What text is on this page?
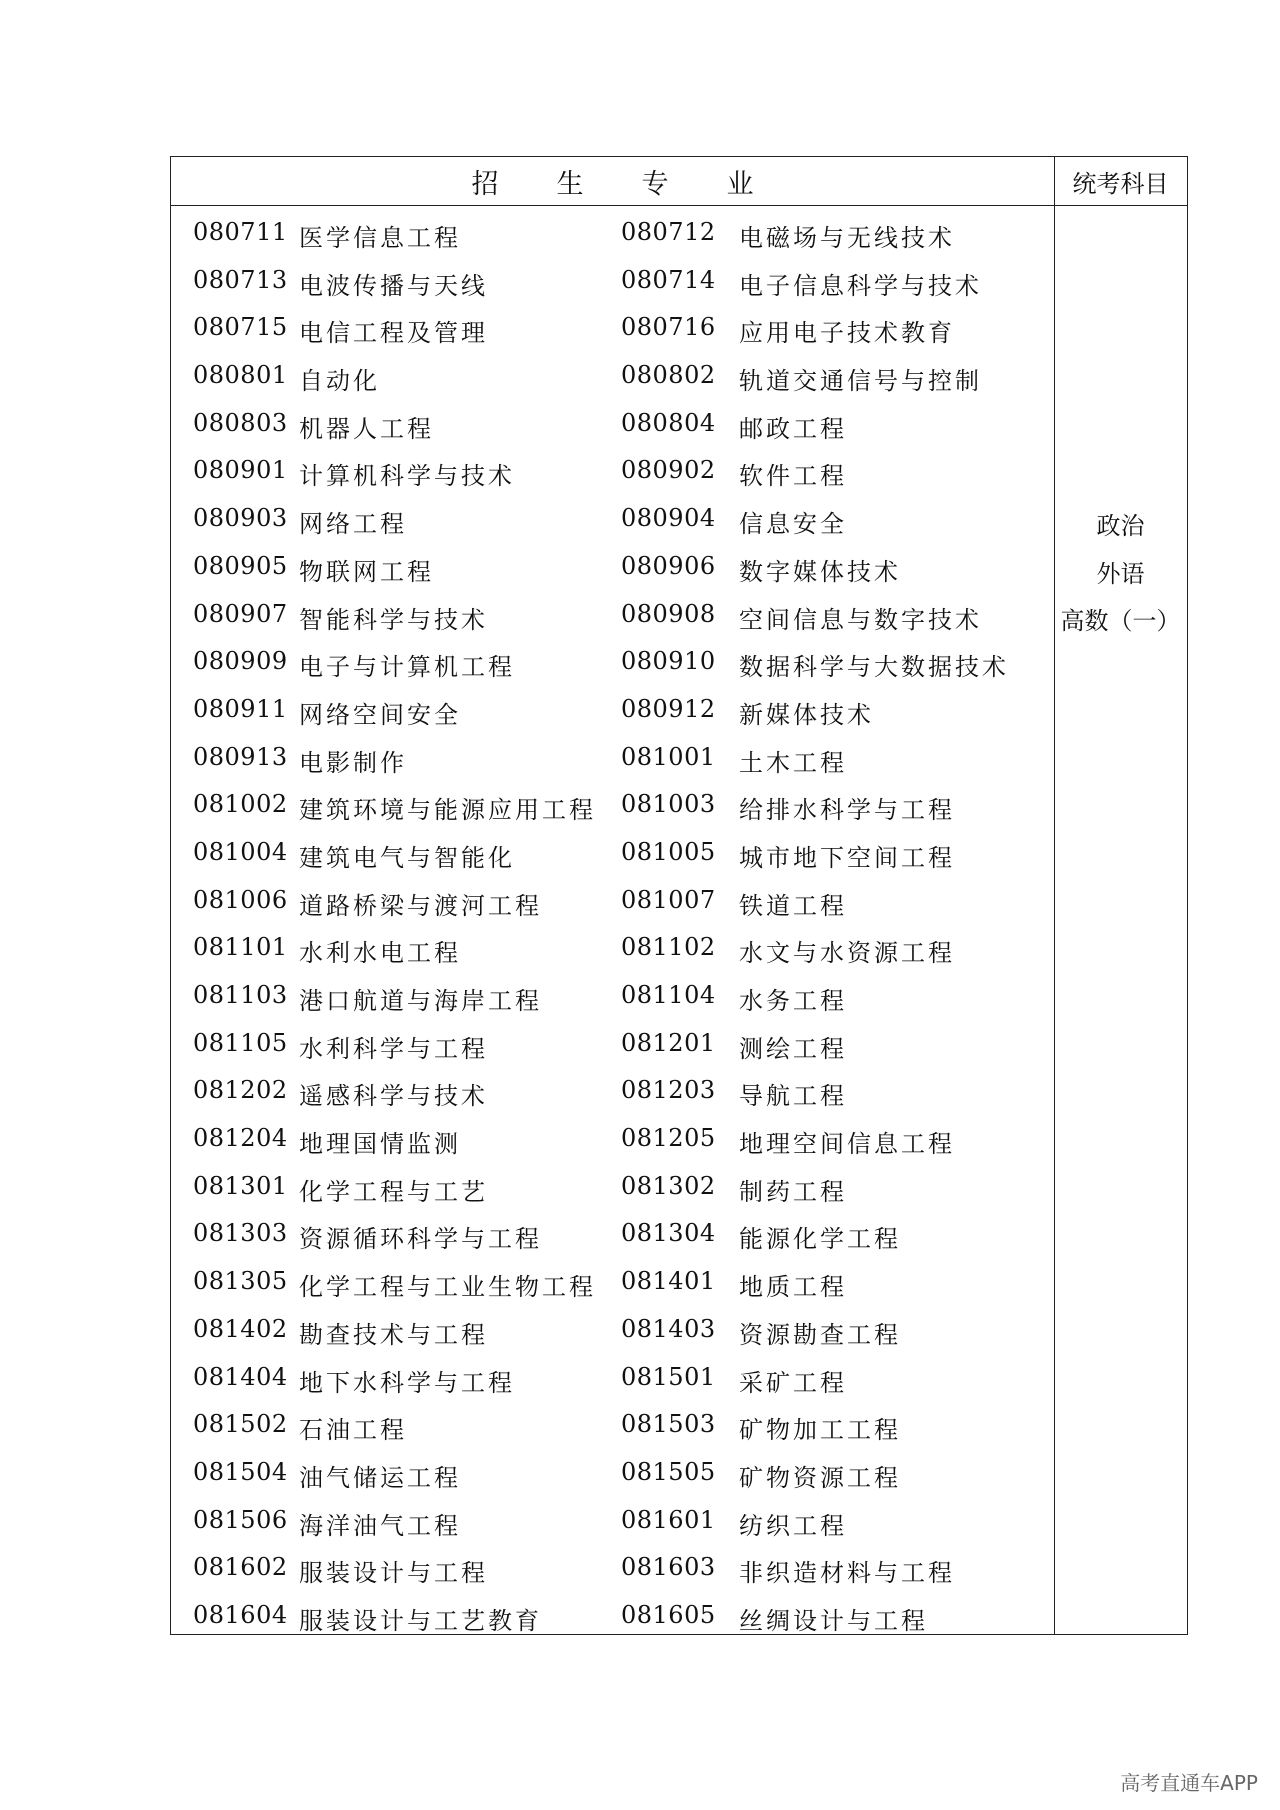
招生专业	统考科目
080711 医学信息工程	080712 电磁场与无线技术
080713 电波传播与天线	080714 电子信息科学与技术
080715 电信工程及管理	080716 应用电子技术教育
080801 自动化	080802 轨道交通信号与控制
080803 机器人工程	080804 邮政工程
080901 计算机科学与技术	080902 软件工程
080903 网络工程	080904 信息安全
080905 物联网工程	080906 数字媒体技术
080907 智能科学与技术	080908 空间信息与数字技术
080909 电子与计算机工程	080910 数据科学与大数据技术
080911 网络空间安全	080912 新媒体技术
080913 电影制作	081001 土木工程
081002 建筑环境与能源应用工程 081003 给排水科学与工程
081004 建筑电气与智能化	081005 城市地下空间工程
081006 道路桥梁与渡河工程	081007 铁道工程
081101 水利水电工程	081102 水文与水资源工程
081103 港口航道与海岸工程	081104 水务工程
081105 水利科学与工程	081201 测绘工程
081202 遥感科学与技术	081203 导航工程
081204 地理国情监测	081205 地理空间信息工程
081301 化学工程与工艺	081302 制药工程
081303 资源循环科学与工程	081304 能源化学工程
081305 化学工程与工业生物工程 081401 地质工程
081402 勘查技术与工程	081403 资源勘查工程
081404 地下水科学与工程	081501 采矿工程
081502 石油工程	081503 矿物加工工程
081504 油气储运工程	081505 矿物资源工程
081506 海洋油气工程	081601 纺织工程
081602 服装设计与工程	081603 非织造材料与工程
081604 服装设计与工艺教育	081605 丝绸设计与工程
政治
外语
高数（一）
高考直通车APP
